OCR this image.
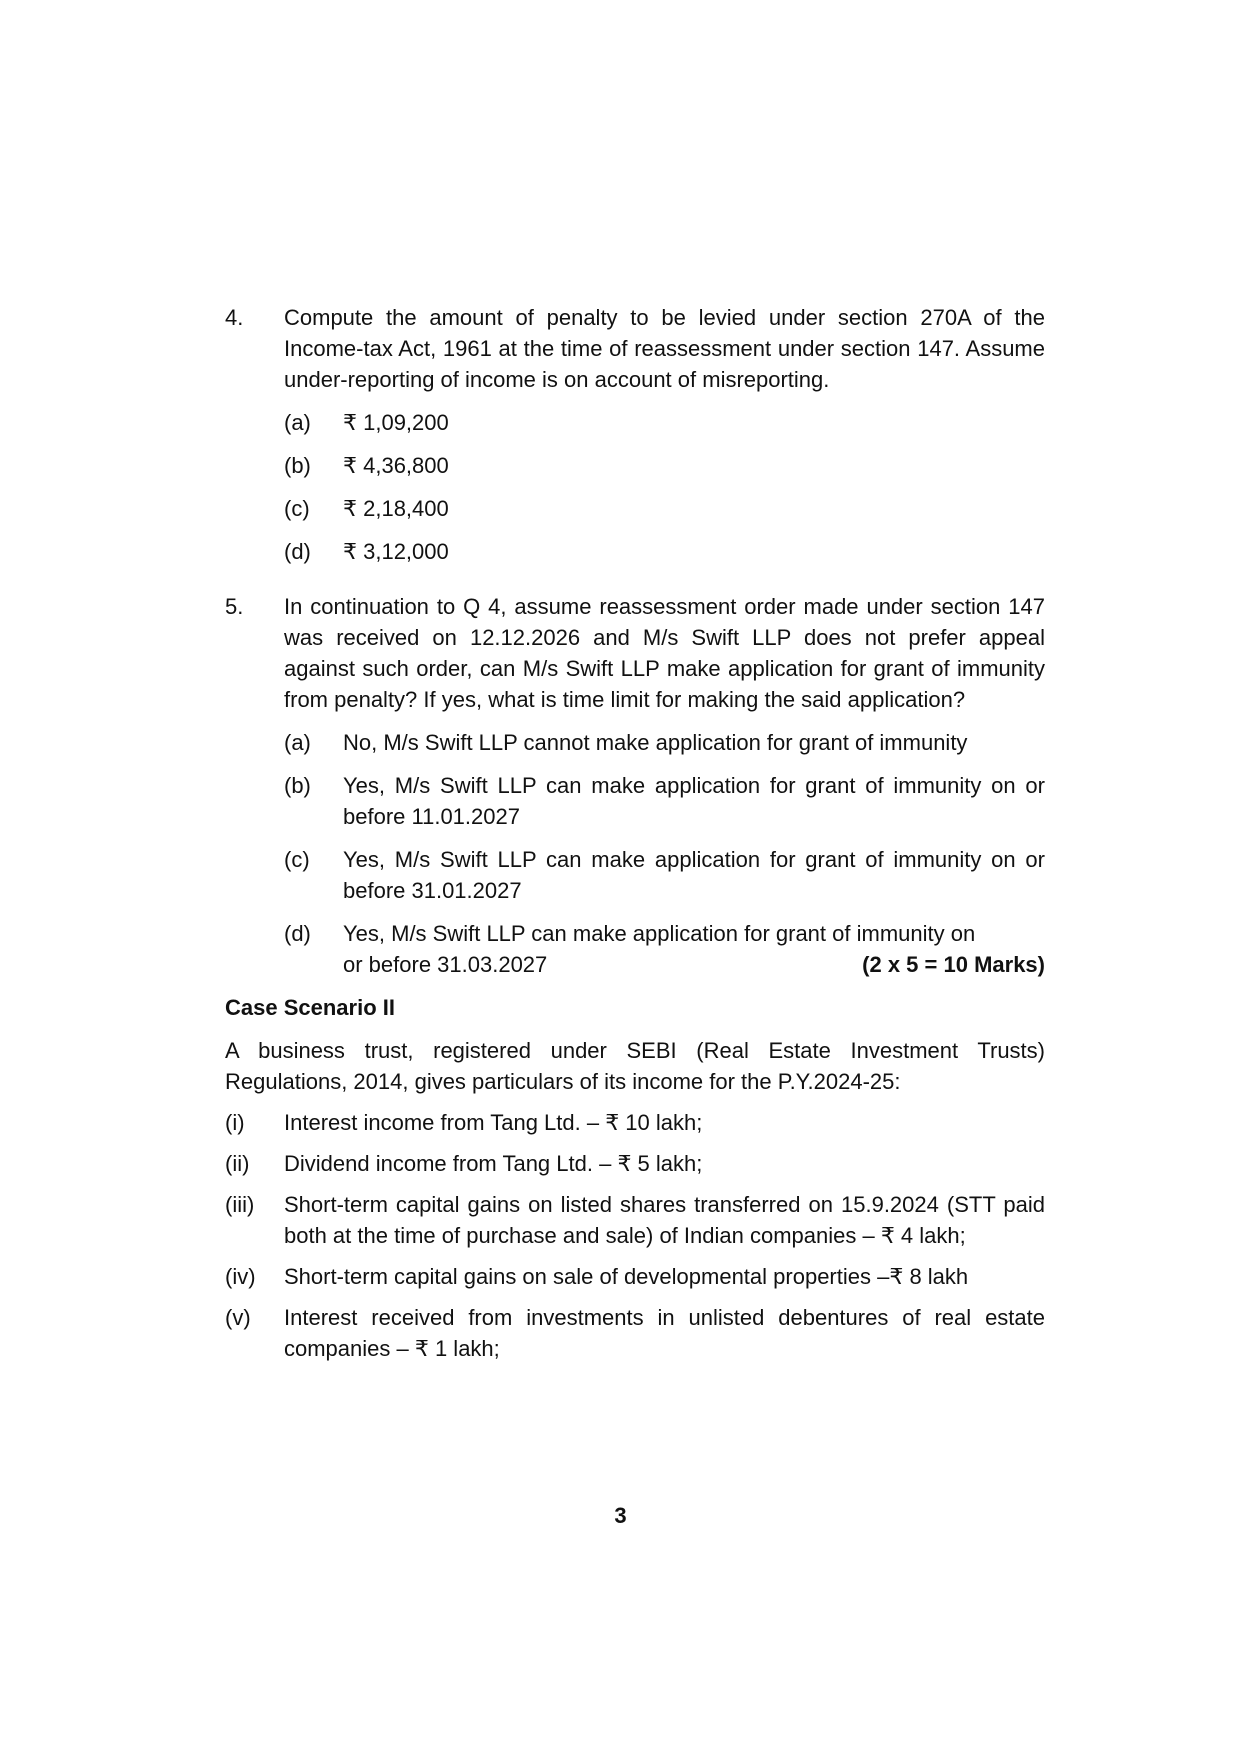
4.	Compute the amount of penalty to be levied under section 270A of the Income-tax Act, 1961 at the time of reassessment under section 147. Assume under-reporting of income is on account of misreporting.

(a)	₹ 1,09,200
(b)	₹ 4,36,800
(c)	₹ 2,18,400
(d)	₹ 3,12,000
5.	In continuation to Q 4, assume reassessment order made under section 147 was received on 12.12.2026 and M/s Swift LLP does not prefer appeal against such order, can M/s Swift LLP make application for grant of immunity from penalty? If yes, what is time limit for making the said application?

(a)	No, M/s Swift LLP cannot make application for grant of immunity
(b)	Yes, M/s Swift LLP can make application for grant of immunity on or before 11.01.2027
(c)	Yes, M/s Swift LLP can make application for grant of immunity on or before 31.01.2027
(d)	Yes, M/s Swift LLP can make application for grant of immunity on
or before 31.03.2027	(2 x 5 = 10 Marks)

Case Scenario II

A business trust, registered under SEBI (Real Estate Investment Trusts) Regulations, 2014, gives particulars of its income for the P.Y.2024-25:

(i)	Interest income from Tang Ltd. – ₹ 10 lakh;
(ii)	Dividend income from Tang Ltd. – ₹ 5 lakh;
(iii)	Short-term capital gains on listed shares transferred on 15.9.2024 (STT paid both at the time of purchase and sale) of Indian companies – ₹ 4 lakh;
(iv)	Short-term capital gains on sale of developmental properties –₹ 8 lakh
(v)	Interest received from investments in unlisted debentures of real estate companies – ₹ 1 lakh;
3
